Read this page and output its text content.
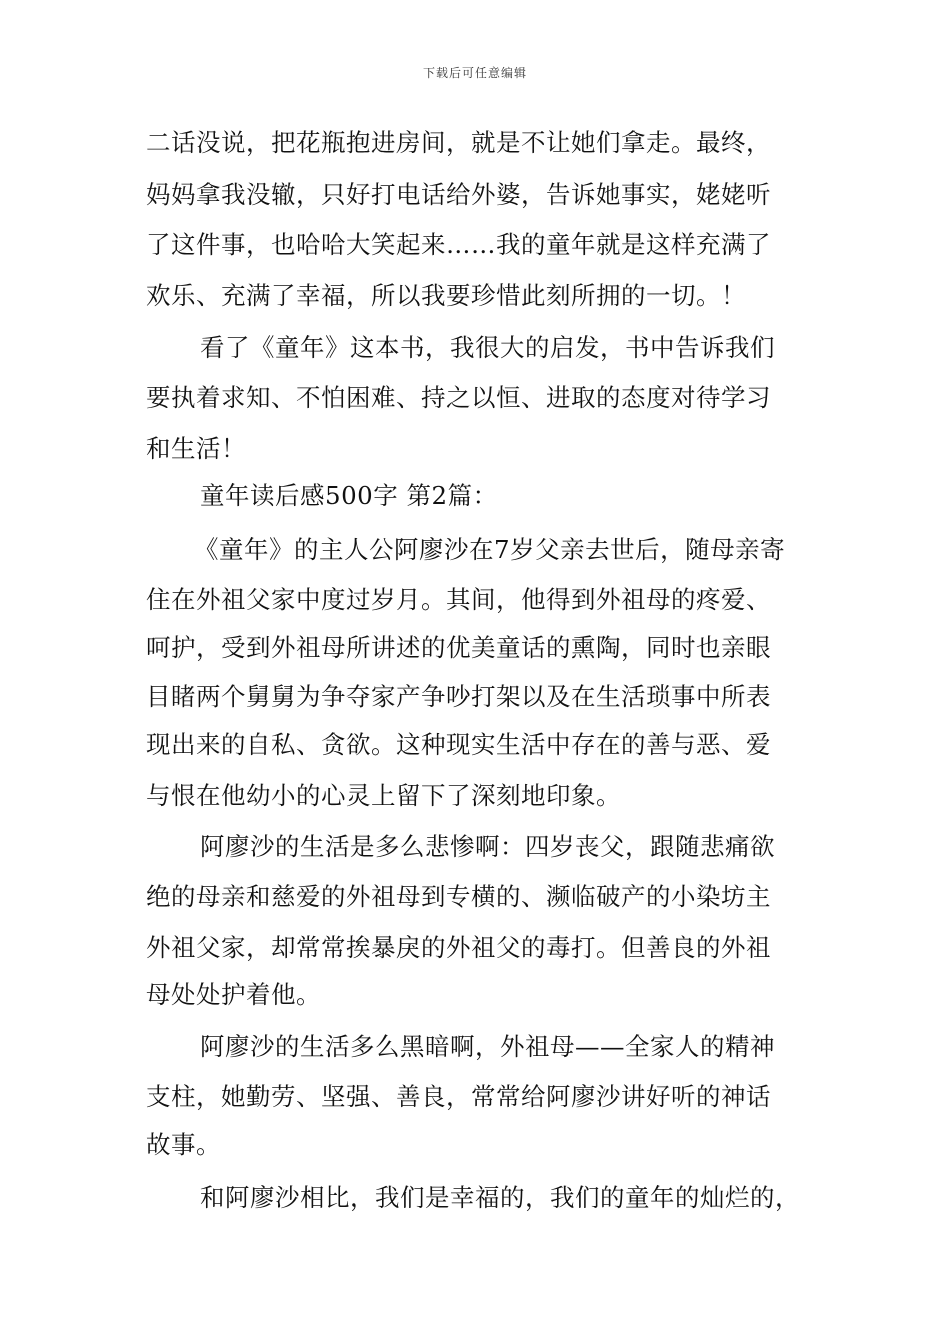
下载后可任意编辑
二话没说，把花瓶抱进房间，就是不让她们拿走。最终，
妈妈拿我没辙，只好打电话给外婆，告诉她事实，姥姥听
了这件事，也哈哈大笑起来……我的童年就是这样充满了
欢乐、充满了幸福，所以我要珍惜此刻所拥的一切。！
看了《童年》这本书，我很大的启发，书中告诉我们
要执着求知、不怕困难、持之以恒、进取的态度对待学习
和生活！
童年读后感500字 第2篇：
《童年》的主人公阿廖沙在7岁父亲去世后，随母亲寄
住在外祖父家中度过岁月。其间，他得到外祖母的疼爱、
呵护，受到外祖母所讲述的优美童话的熏陶，同时也亲眼
目睹两个舅舅为争夺家产争吵打架以及在生活琐事中所表
现出来的自私、贪欲。这种现实生活中存在的善与恶、爱
与恨在他幼小的心灵上留下了深刻地印象。
阿廖沙的生活是多么悲惨啊：四岁丧父，跟随悲痛欲
绝的母亲和慈爱的外祖母到专横的、濒临破产的小染坊主
外祖父家，却常常挨暴戾的外祖父的毒打。但善良的外祖
母处处护着他。
阿廖沙的生活多么黑暗啊，外祖母——全家人的精神
支柱，她勤劳、坚强、善良，常常给阿廖沙讲好听的神话
故事。
和阿廖沙相比，我们是幸福的，我们的童年的灿烂的，
